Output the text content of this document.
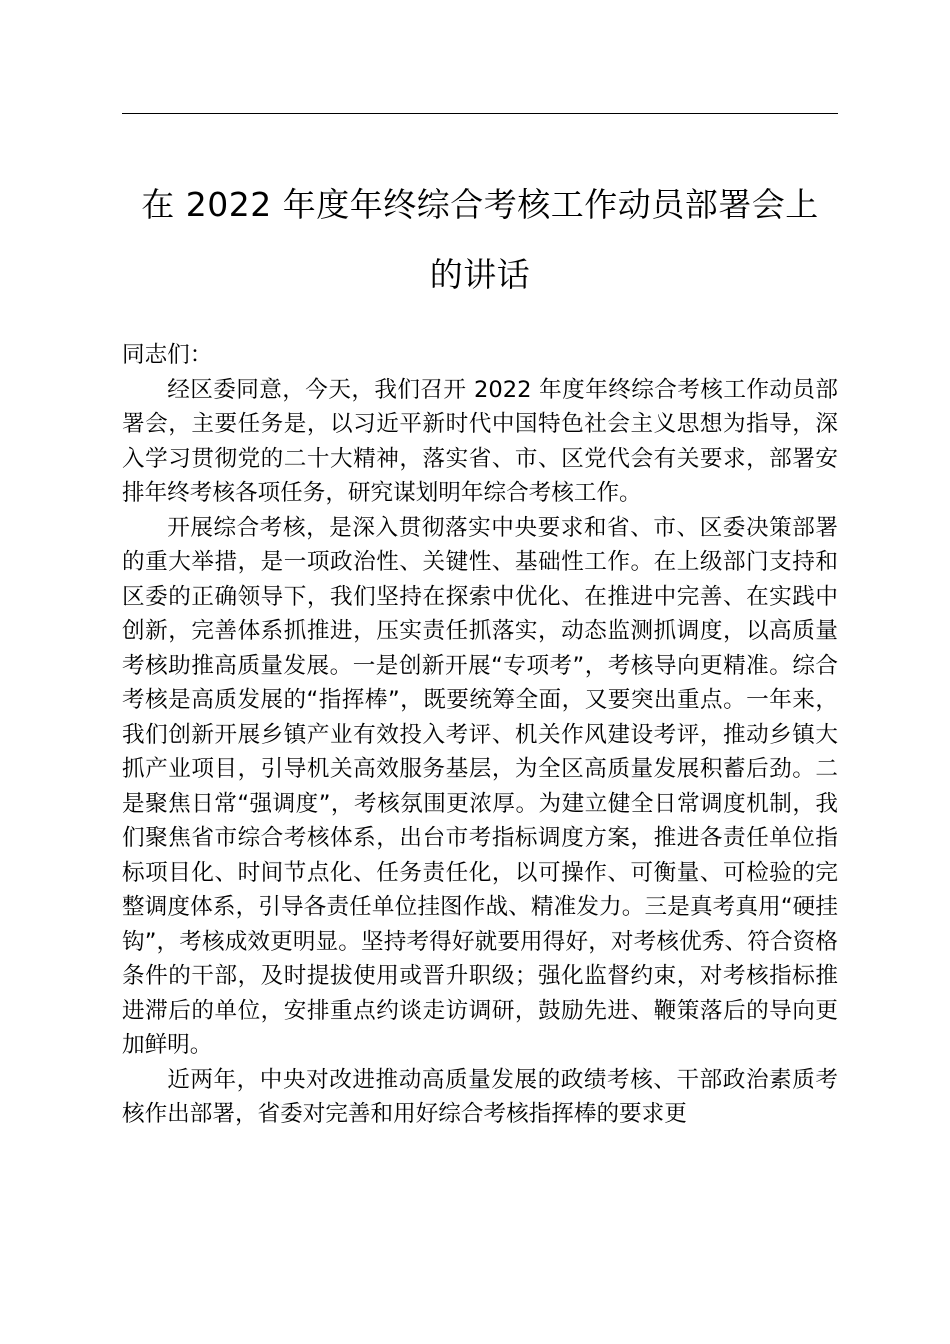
在 2022 年度年终综合考核工作动员部署会上
的讲话

同志们：

经区委同意，今天，我们召开 2022 年度年终综合考核工作动员部署会，主要任务是，以习近平新时代中国特色社会主义思想为指导，深入学习贯彻党的二十大精神，落实省、市、区党代会有关要求，部署安排年终考核各项任务，研究谋划明年综合考核工作。

开展综合考核，是深入贯彻落实中央要求和省、市、区委决策部署的重大举措，是一项政治性、关键性、基础性工作。在上级部门支持和区委的正确领导下，我们坚持在探索中优化、在推进中完善、在实践中创新，完善体系抓推进，压实责任抓落实，动态监测抓调度，以高质量考核助推高质量发展。一是创新开展“专项考”，考核导向更精准。综合考核是高质发展的“指挥棒”，既要统筹全面，又要突出重点。一年来，我们创新开展乡镇产业有效投入考评、机关作风建设考评，推动乡镇大抓产业项目，引导机关高效服务基层，为全区高质量发展积蓄后劲。二是聚焦日常“强调度”，考核氛围更浓厚。为建立健全日常调度机制，我们聚焦省市综合考核体系，出台市考指标调度方案，推进各责任单位指标项目化、时间节点化、任务责任化，以可操作、可衡量、可检验的完整调度体系，引导各责任单位挂图作战、精准发力。三是真考真用“硬挂钩”，考核成效更明显。坚持考得好就要用得好，对考核优秀、符合资格条件的干部，及时提拔使用或晋升职级；强化监督约束，对考核指标推进滞后的单位，安排重点约谈走访调研，鼓励先进、鞭策落后的导向更加鲜明。

近两年，中央对改进推动高质量发展的政绩考核、干部政治素质考核作出部署，省委对完善和用好综合考核指挥棒的要求更
